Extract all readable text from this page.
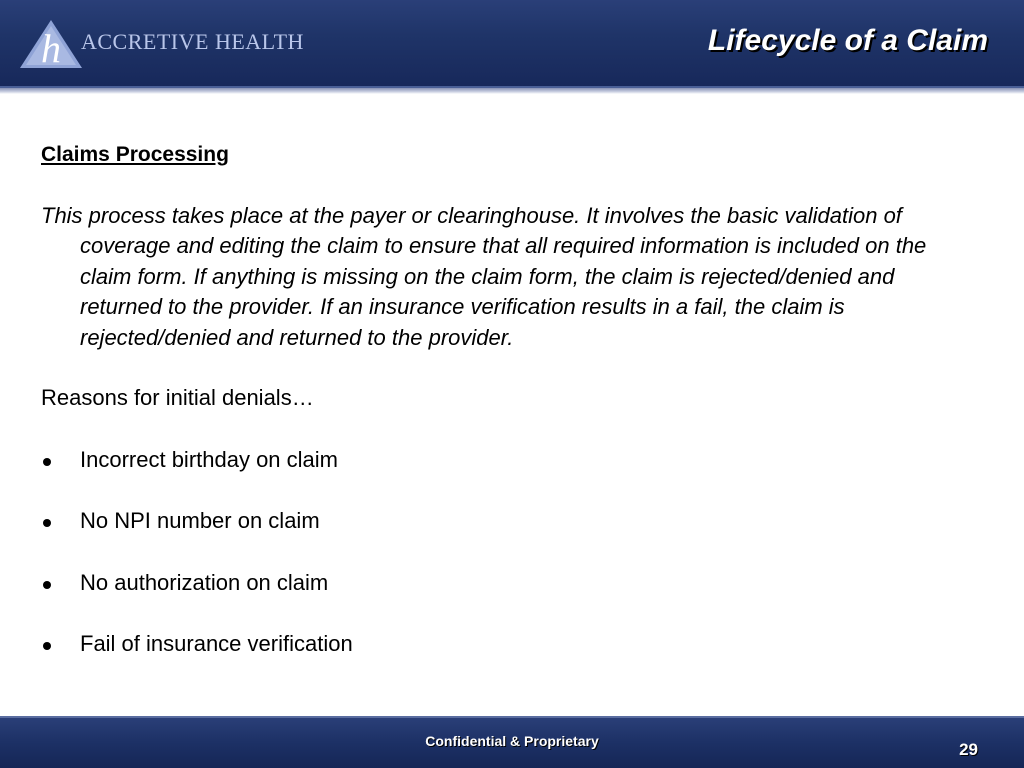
h ACCRETIVE HEALTH	Lifecycle of a Claim

Claims Processing

This process takes place at the payer or clearinghouse. It involves the basic validation of coverage and editing the claim to ensure that all required information is included on the claim form. If anything is missing on the claim form, the claim is rejected/denied and returned to the provider. If an insurance verification results in a fail, the claim is rejected/denied and returned to the provider.

Reasons for initial denials…

Incorrect birthday on claim
No NPI number on claim
No authorization on claim
Fail of insurance verification
Confidential & Proprietary	29
